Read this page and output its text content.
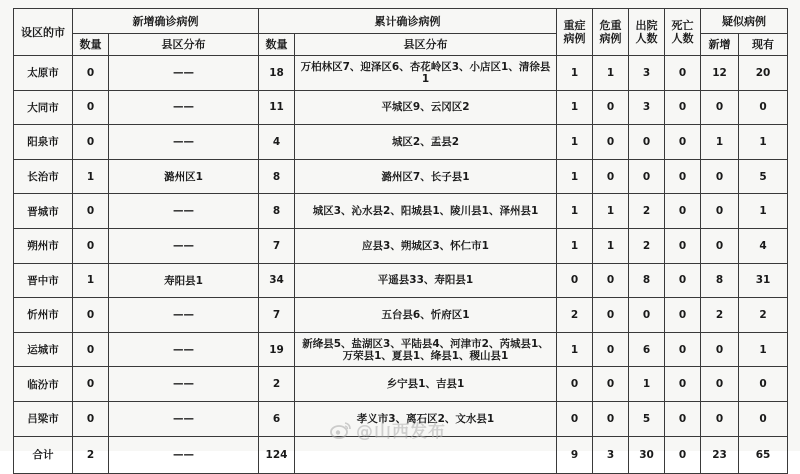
设区的市	新增确诊病例		累计确诊病例		重症病例	危重病例	出院人数	死亡人数	疑似病例	
	数量	县区分布	数量	县区分布					新增	现有
太原市	0	——	18	万柏林区7、迎泽区6、杏花岭区3、小店区1、清徐县1	1	1	3	0	12	20
大同市	0	——	11	平城区9、云冈区2	1	0	3	0	0	0
阳泉市	0	——	4	城区2、盂县2	1	0	0	0	1	1
长治市	1	潞州区1	8	潞州区7、长子县1	1	0	0	0	0	5
晋城市	0	——	8	城区3、沁水县2、阳城县1、陵川县1、泽州县1	1	1	2	0	0	1
朔州市	0	——	7	应县3、朔城区3、怀仁市1	1	1	2	0	0	4
晋中市	1	寿阳县1	34	平遥县33、寿阳县1	0	0	8	0	8	31
忻州市	0	——	7	五台县6、忻府区1	2	0	0	0	2	2
运城市	0	——	19	新绛县5、盐湖区3、平陆县4、河津市2、芮城县1、万荣县1、夏县1、绛县1、稷山县1	1	0	6	0	0	1
临汾市	0	——	2	乡宁县1、吉县1	0	0	1	0	0	0
吕梁市	0	——	6	孝义市3、离石区2、文水县1	0	0	5	0	0	0
合计	2	——	124		9	3	30	0	23	65
@山西发布
